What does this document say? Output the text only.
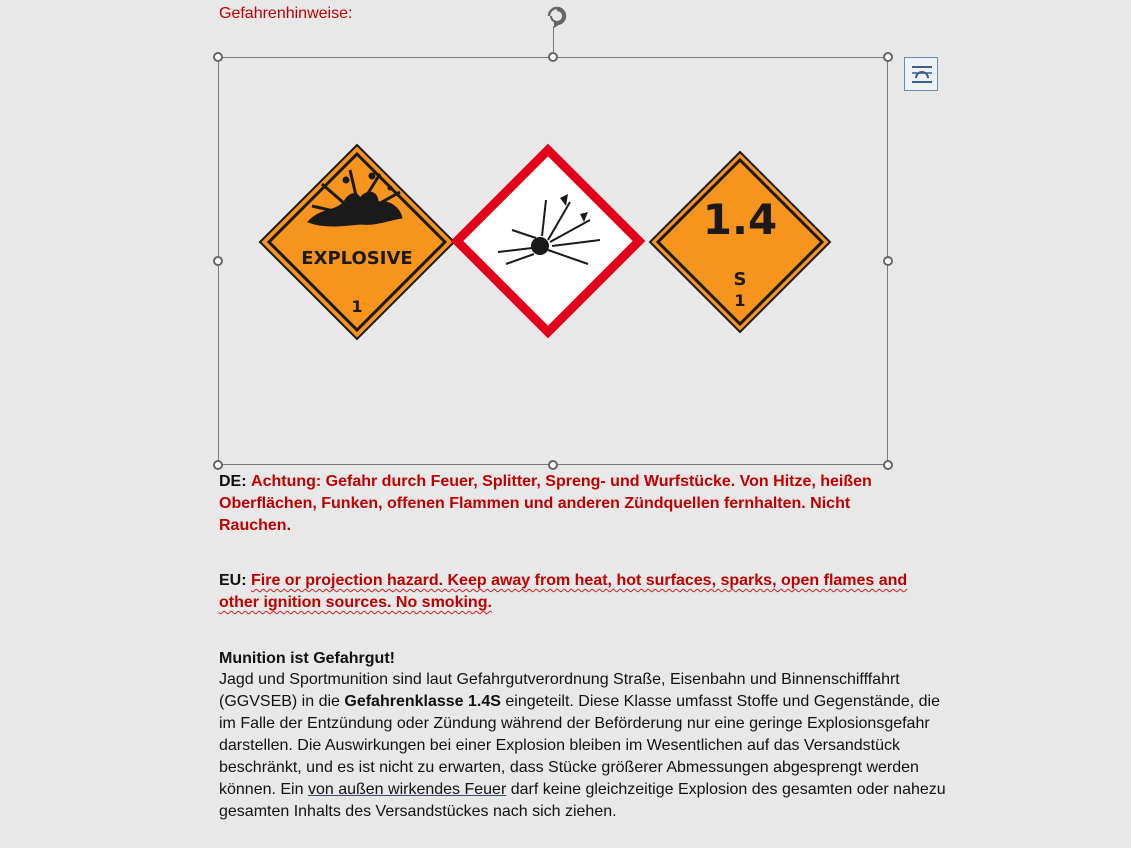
Gefahrenhinweise:
EXPLOSIVE
1
1.4
S
1
DE: Achtung: Gefahr durch Feuer, Splitter, Spreng- und Wurfstücke. Von Hitze, heißen Oberflächen, Funken, offenen Flammen und anderen Zündquellen fernhalten. Nicht Rauchen.
EU: Fire or projection hazard. Keep away from heat, hot surfaces, sparks, open flames and other ignition sources. No smoking.
Munition ist Gefahrgut!
Jagd und Sportmunition sind laut Gefahrgutverordnung Straße, Eisenbahn und Binnenschifffahrt (GGVSEB) in die Gefahrenklasse 1.4S eingeteilt. Diese Klasse umfasst Stoffe und Gegenstände, die im Falle der Entzündung oder Zündung während der Beförderung nur eine geringe Explosionsgefahr darstellen. Die Auswirkungen bei einer Explosion bleiben im Wesentlichen auf das Versandstück beschränkt, und es ist nicht zu erwarten, dass Stücke größerer Abmessungen abgesprengt werden können. Ein von außen wirkendes Feuer darf keine gleichzeitige Explosion des gesamten oder nahezu gesamten Inhalts des Versandstückes nach sich ziehen.
